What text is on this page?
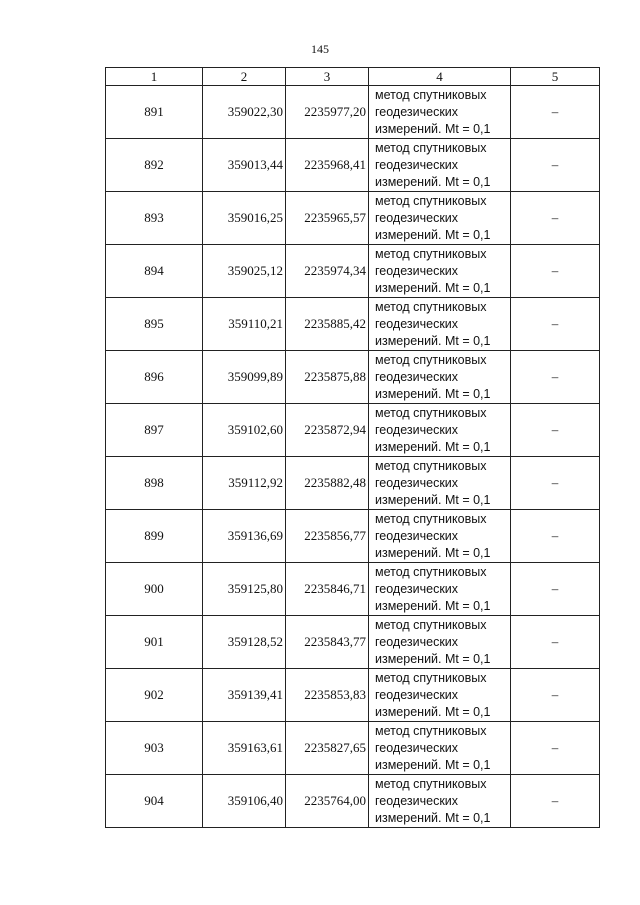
145
1	2	3	4	5
891	359022,30	2235977,20	метод спутниковых
геодезических
измерений. Mt = 0,1	–
892	359013,44	2235968,41	метод спутниковых
геодезических
измерений. Mt = 0,1	–
893	359016,25	2235965,57	метод спутниковых
геодезических
измерений. Mt = 0,1	–
894	359025,12	2235974,34	метод спутниковых
геодезических
измерений. Mt = 0,1	–
895	359110,21	2235885,42	метод спутниковых
геодезических
измерений. Mt = 0,1	–
896	359099,89	2235875,88	метод спутниковых
геодезических
измерений. Mt = 0,1	–
897	359102,60	2235872,94	метод спутниковых
геодезических
измерений. Mt = 0,1	–
898	359112,92	2235882,48	метод спутниковых
геодезических
измерений. Mt = 0,1	–
899	359136,69	2235856,77	метод спутниковых
геодезических
измерений. Mt = 0,1	–
900	359125,80	2235846,71	метод спутниковых
геодезических
измерений. Mt = 0,1	–
901	359128,52	2235843,77	метод спутниковых
геодезических
измерений. Mt = 0,1	–
902	359139,41	2235853,83	метод спутниковых
геодезических
измерений. Mt = 0,1	–
903	359163,61	2235827,65	метод спутниковых
геодезических
измерений. Mt = 0,1	–
904	359106,40	2235764,00	метод спутниковых
геодезических
измерений. Mt = 0,1	–
